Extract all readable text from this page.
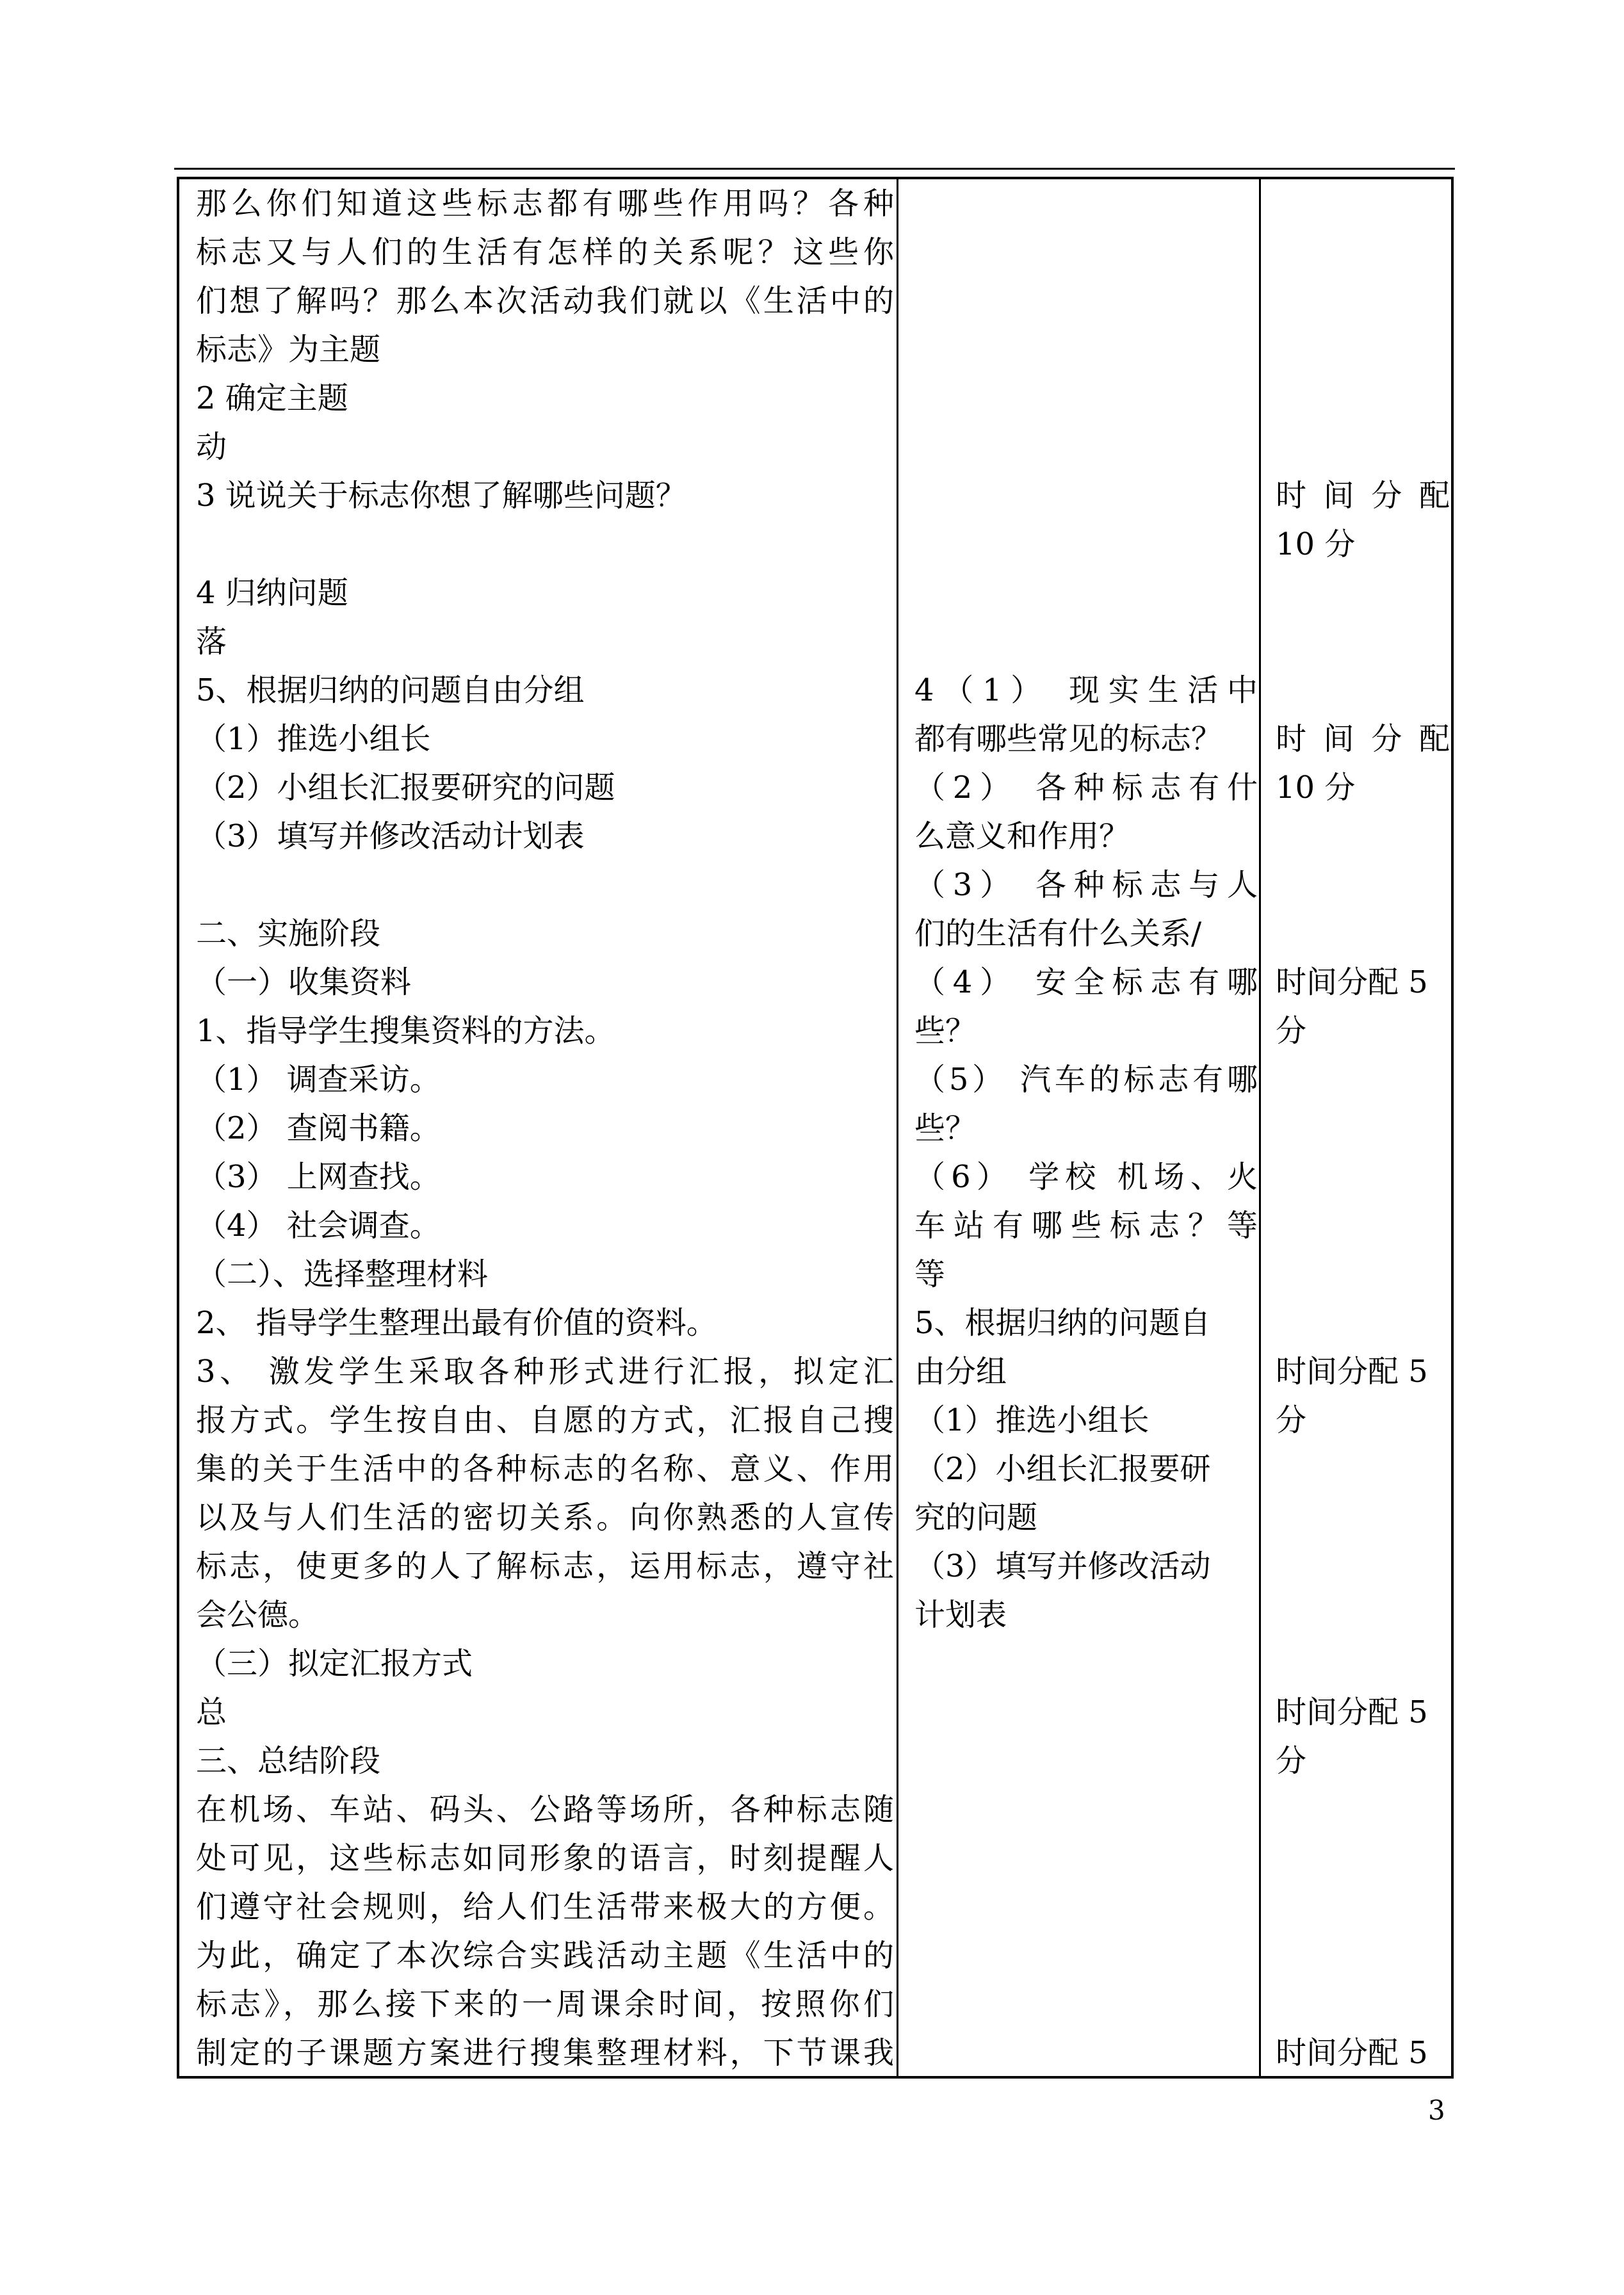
那么你们知道这些标志都有哪些作用吗？各种
标志又与人们的生活有怎样的关系呢？这些你
们想了解吗？那么本次活动我们就以《生活中的
标志》为主题
2 确定主题
动
3 说说关于标志你想了解哪些问题？
4 归纳问题
落
5、根据归纳的问题自由分组
（1）推选小组长
（2）小组长汇报要研究的问题
（3）填写并修改活动计划表
二、实施阶段
（一）收集资料
1、指导学生搜集资料的方法。
（1） 调查采访。
（2） 查阅书籍。
（3） 上网查找。
（4） 社会调查。
（二）、选择整理材料
2、 指导学生整理出最有价值的资料。
3、 激发学生采取各种形式进行汇报，拟定汇
报方式。学生按自由、自愿的方式，汇报自己搜
集的关于生活中的各种标志的名称、意义、作用
以及与人们生活的密切关系。向你熟悉的人宣传
标志，使更多的人了解标志，运用标志，遵守社
会公德。
（三）拟定汇报方式
总
三、总结阶段
在机场、车站、码头、公路等场所，各种标志随
处可见，这些标志如同形象的语言，时刻提醒人
们遵守社会规则，给人们生活带来极大的方便。
为此，确定了本次综合实践活动主题《生活中的
标志》，那么接下来的一周课余时间，按照你们
制定的子课题方案进行搜集整理材料，下节课我
4（1） 现实生活中
都有哪些常见的标志？
（2） 各种标志有什
么意义和作用？
（3） 各种标志与人
们的生活有什么关系/
（4） 安全标志有哪
些？
（5） 汽车的标志有哪
些？
（6） 学校 机场、火
车站有哪些标志？等
等
5、根据归纳的问题自
由分组
（1）推选小组长
（2）小组长汇报要研
究的问题
（3）填写并修改活动
计划表
时 间 分 配
10 分
时 间 分 配
10 分
时间分配 5
分
时间分配 5
分
时间分配 5
分
时间分配 5
3
